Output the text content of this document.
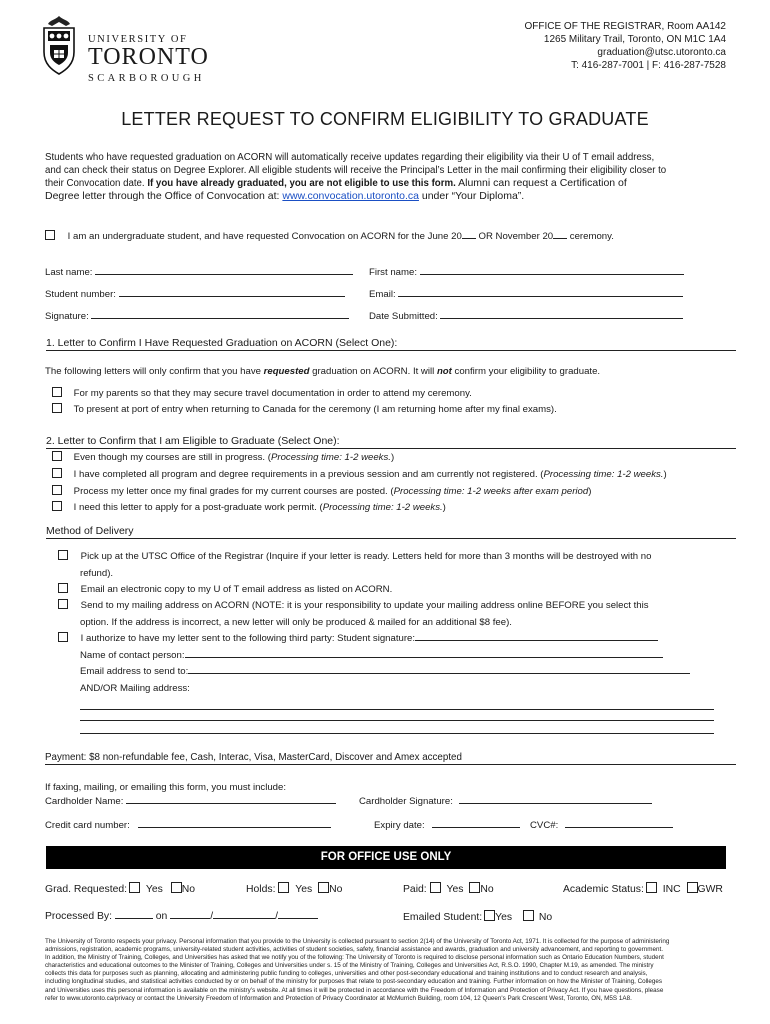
UNIVERSITY OF
TORONTO
SCARBOROUGH
OFFICE OF THE REGISTRAR, Room AA142
1265 Military Trail, Toronto, ON M1C 1A4
graduation@utsc.utoronto.ca
T: 416-287-7001 | F: 416-287-7528
LETTER REQUEST TO CONFIRM ELIGIBILITY TO GRADUATE
Students who have requested graduation on ACORN will automatically receive updates regarding their eligibility via their U of T email address,
and can check their status on Degree Explorer. All eligible students will receive the Principal’s Letter in the mail confirming their eligibility closer to
their Convocation date. If you have already graduated, you are not eligible to use this form. Alumni can request a Certification of
Degree letter through the Office of Convocation at: www.convocation.utoronto.ca under “Your Diploma”.
I am an undergraduate student, and have requested Convocation on ACORN for the June 20 OR November 20 ceremony.
Last name:	First name:
Student number:	Email:
Signature:	Date Submitted:
1. Letter to Confirm I Have Requested Graduation on ACORN (Select One):
The following letters will only confirm that you have requested graduation on ACORN. It will not confirm your eligibility to graduate.
For my parents so that they may secure travel documentation in order to attend my ceremony.
To present at port of entry when returning to Canada for the ceremony (I am returning home after my final exams).
2. Letter to Confirm that I am Eligible to Graduate (Select One):
Even though my courses are still in progress. (Processing time: 1-2 weeks.)
I have completed all program and degree requirements in a previous session and am currently not registered. (Processing time: 1-2 weeks.)
Process my letter once my final grades for my current courses are posted. (Processing time: 1-2 weeks after exam period)
I need this letter to apply for a post-graduate work permit. (Processing time: 1-2 weeks.)
Method of Delivery
Pick up at the UTSC Office of the Registrar (Inquire if your letter is ready. Letters held for more than 3 months will be destroyed with no
refund).
Email an electronic copy to my U of T email address as listed on ACORN.
Send to my mailing address on ACORN (NOTE: it is your responsibility to update your mailing address online BEFORE you select this
option. If the address is incorrect, a new letter will only be produced & mailed for an additional $8 fee).
I authorize to have my letter sent to the following third party: Student signature:
Name of contact person:
Email address to send to:
AND/OR Mailing address:
Payment: $8 non-refundable fee, Cash, Interac, Visa, MasterCard, Discover and Amex accepted
If faxing, mailing, or emailing this form, you must include:
Cardholder Name:	Cardholder Signature:
Credit card number:	Expiry date:	CVC#:
FOR OFFICE USE ONLY
Grad. Requested: Yes No	Holds: Yes No	Paid: Yes No	Academic Status: INC GWR
Processed By:	on	/	/	Emailed Student: Yes	No
The University of Toronto respects your privacy. Personal information that you provide to the University is collected pursuant to section 2(14) of the University of Toronto Act, 1971. It is collected for the purpose of administering
admissions, registration, academic programs, university-related student activities, activities of student societies, safety, financial assistance and awards, graduation and university advancement, and reporting to government.
In addition, the Ministry of Training, Colleges, and Universities has asked that we notify you of the following: The University of Toronto is required to disclose personal information such as Ontario Education Numbers, student
characteristics and educational outcomes to the Minister of Training, Colleges and Universities under s. 15 of the Ministry of Training, Colleges and Universities Act, R.S.O. 1990, Chapter M.19, as amended. The ministry
collects this data for purposes such as planning, allocating and administering public funding to colleges, universities and other post-secondary educational and training institutions and to conduct research and analysis,
including longitudinal studies, and statistical activities conducted by or on behalf of the ministry for purposes that relate to post-secondary education and training. Further information on how the Minister of Training, Colleges
and Universities uses this personal information is available on the ministry’s website. At all times it will be protected in accordance with the Freedom of Information and Protection of Privacy Act. If you have questions, please
refer to www.utoronto.ca/privacy or contact the University Freedom of Information and Protection of Privacy Coordinator at McMurrich Building, room 104, 12 Queen's Park Crescent West, Toronto, ON, M5S 1A8.
